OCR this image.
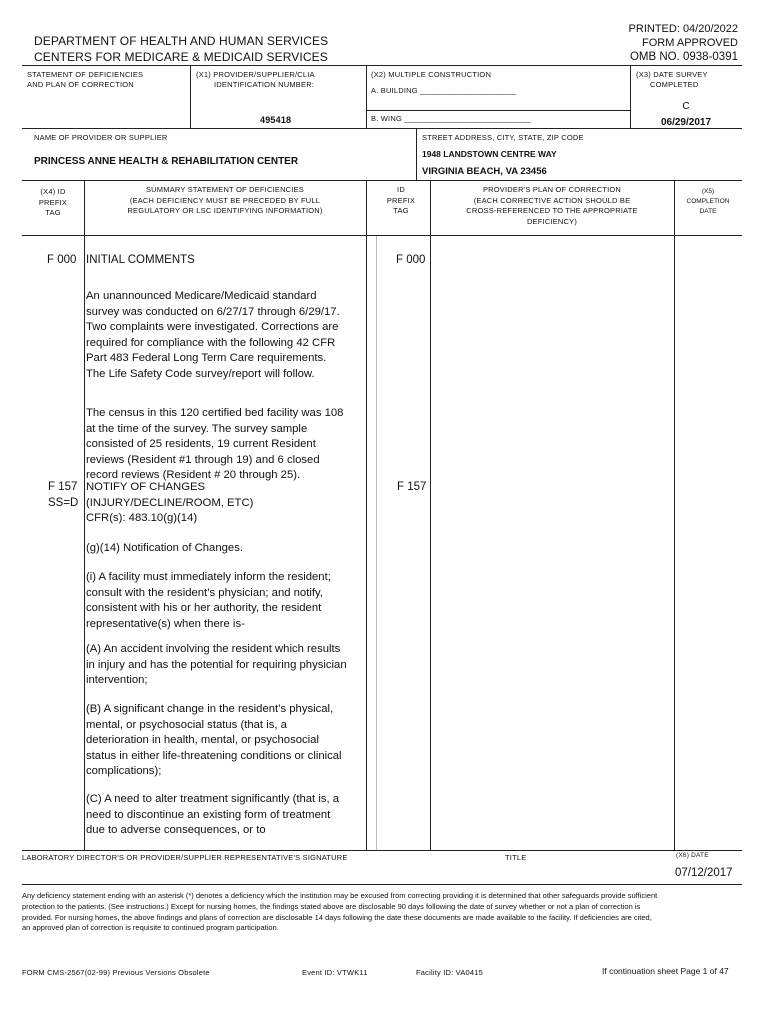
PRINTED: 04/20/2022
FORM APPROVED
OMB NO. 0938-0391
DEPARTMENT OF HEALTH AND HUMAN SERVICES
CENTERS FOR MEDICARE & MEDICAID SERVICES
STATEMENT OF DEFICIENCIES
AND PLAN OF CORRECTION
(X1) PROVIDER/SUPPLIER/CLIA
IDENTIFICATION NUMBER:
495418
(X2) MULTIPLE CONSTRUCTION
A. BUILDING ______________________
B. WING _____________________________
(X3) DATE SURVEY
COMPLETED
C
06/29/2017
NAME OF PROVIDER OR SUPPLIER
PRINCESS ANNE HEALTH & REHABILITATION CENTER
STREET ADDRESS, CITY, STATE, ZIP CODE
1948 LANDSTOWN CENTRE WAY
VIRGINIA BEACH, VA 23456
(X4) ID
PREFIX
TAG
SUMMARY STATEMENT OF DEFICIENCIES
(EACH DEFICIENCY MUST BE PRECEDED BY FULL
REGULATORY OR LSC IDENTIFYING INFORMATION)
ID
PREFIX
TAG
PROVIDER'S PLAN OF CORRECTION
(EACH CORRECTIVE ACTION SHOULD BE
CROSS-REFERENCED TO THE APPROPRIATE
DEFICIENCY)
(X5)
COMPLETION
DATE
F 000 INITIAL COMMENTS	F 000
An unannounced Medicare/Medicaid standard survey was conducted on 6/27/17 through 6/29/17. Two complaints were investigated. Corrections are required for compliance with the following 42 CFR Part 483 Federal Long Term Care requirements. The Life Safety Code survey/report will follow.
The census in this 120 certified bed facility was 108 at the time of the survey. The survey sample consisted of 25 residents, 19 current Resident reviews (Resident #1 through 19) and 6 closed record reviews (Resident # 20 through 25).
F 157
SS=D
NOTIFY OF CHANGES
(INJURY/DECLINE/ROOM, ETC)
CFR(s): 483.10(g)(14)
F 157
(g)(14) Notification of Changes.
(i) A facility must immediately inform the resident; consult with the resident’s physician; and notify, consistent with his or her authority, the resident representative(s) when there is-
(A) An accident involving the resident which results in injury and has the potential for requiring physician intervention;
(B) A significant change in the resident’s physical, mental, or psychosocial status (that is, a deterioration in health, mental, or psychosocial status in either life-threatening conditions or clinical complications);
(C) A need to alter treatment significantly (that is, a need to discontinue an existing form of treatment due to adverse consequences, or to
LABORATORY DIRECTOR'S OR PROVIDER/SUPPLIER REPRESENTATIVE'S SIGNATURE	TITLE	(X6) DATE
07/12/2017
Any deficiency statement ending with an asterisk (*) denotes a deficiency which the institution may be excused from correcting providing it is determined that other safeguards provide sufficient protection to the patients. (See instructions.) Except for nursing homes, the findings stated above are disclosable 90 days following the date of survey whether or not a plan of correction is provided. For nursing homes, the above findings and plans of correction are disclosable 14 days following the date these documents are made available to the facility. If deficiencies are cited, an approved plan of correction is requisite to continued program participation.
FORM CMS-2567(02-99) Previous Versions Obsolete	Event ID: VTWK11	Facility ID: VA0415	If continuation sheet Page 1 of 47
